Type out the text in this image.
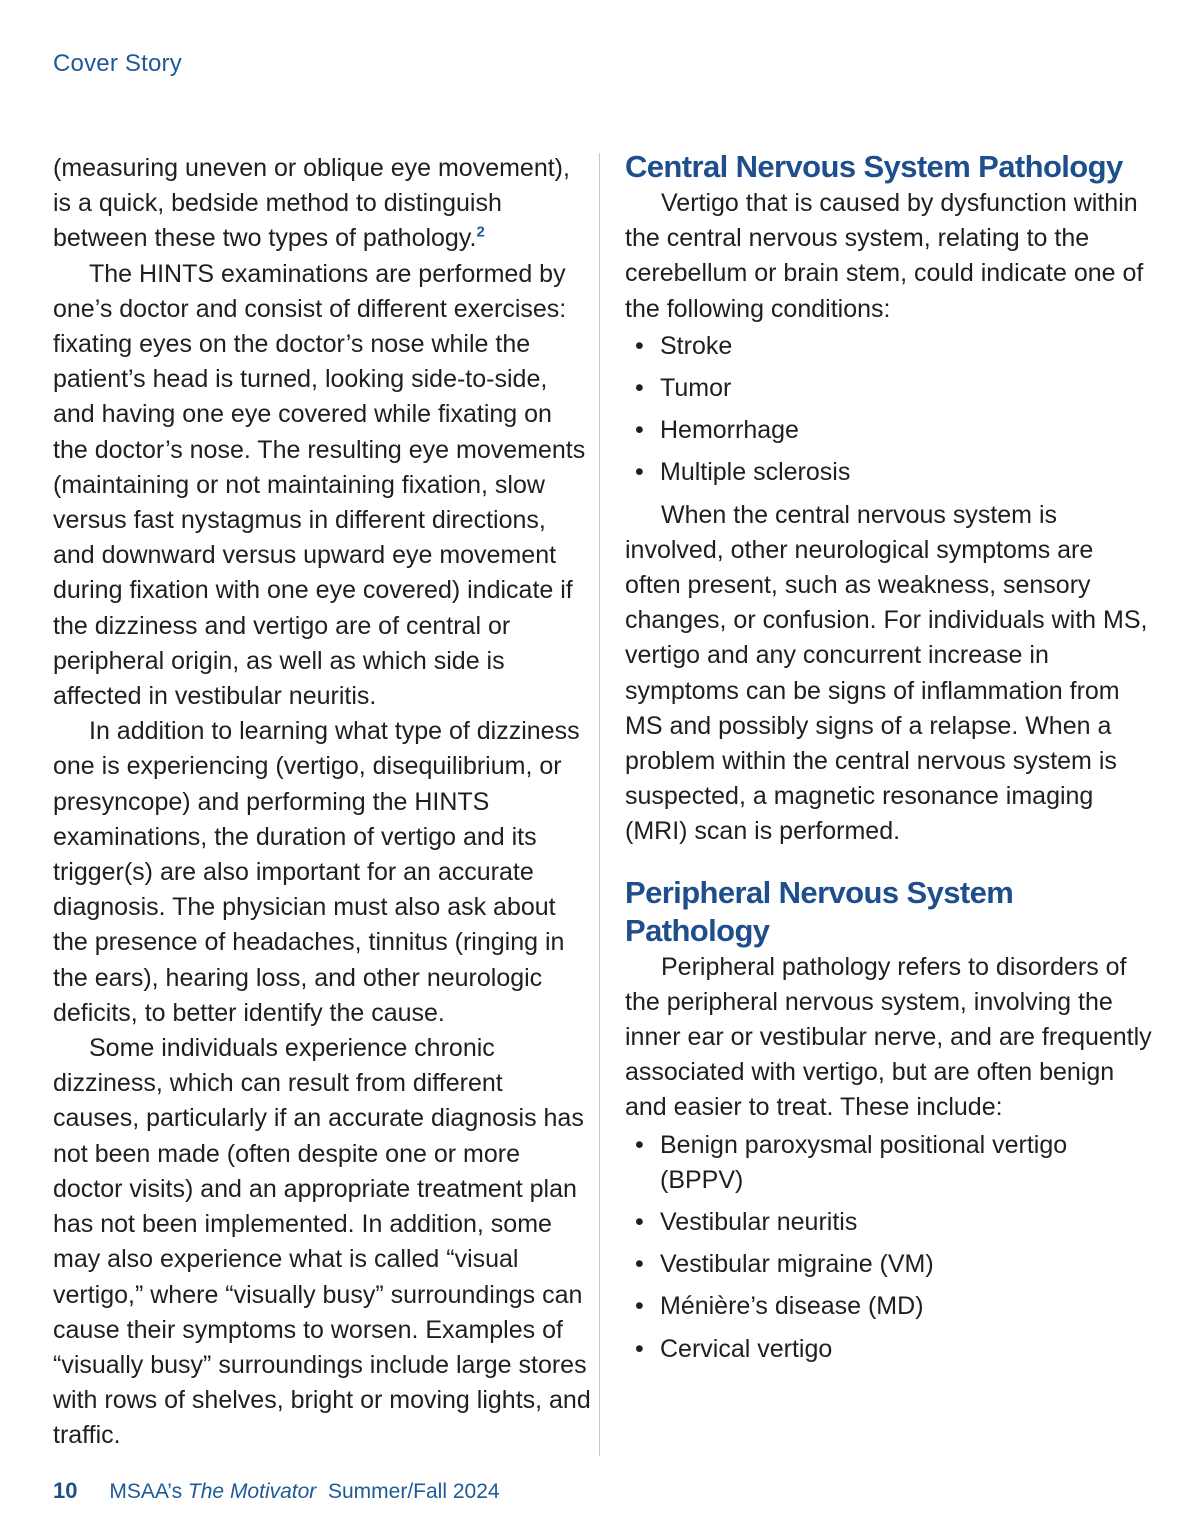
Cover Story

(measuring uneven or oblique eye movement), is a quick, bedside method to distinguish between these two types of pathology.$^2$

The HINTS examinations are performed by one’s doctor and consist of different exercises: fixating eyes on the doctor’s nose while the patient’s head is turned, looking side-to-side, and having one eye covered while fixating on the doctor’s nose. The resulting eye movements (maintaining or not maintaining fixation, slow versus fast nystagmus in different directions, and downward versus upward eye movement during fixation with one eye covered) indicate if the dizziness and vertigo are of central or peripheral origin, as well as which side is affected in vestibular neuritis.

In addition to learning what type of dizziness one is experiencing (vertigo, disequilibrium, or presyncope) and performing the HINTS examinations, the duration of vertigo and its trigger(s) are also important for an accurate diagnosis. The physician must also ask about the presence of headaches, tinnitus (ringing in the ears), hearing loss, and other neurologic deficits, to better identify the cause.

Some individuals experience chronic dizziness, which can result from different causes, particularly if an accurate diagnosis has not been made (often despite one or more doctor visits) and an appropriate treatment plan has not been implemented. In addition, some may also experience what is called “visual vertigo,” where “visually busy” surroundings can cause their symptoms to worsen. Examples of “visually busy” surroundings include large stores with rows of shelves, bright or moving lights, and traffic.

Central Nervous System Pathology

Vertigo that is caused by dysfunction within the central nervous system, relating to the cerebellum or brain stem, could indicate one of the following conditions:

• Stroke
• Tumor
• Hemorrhage
• Multiple sclerosis

When the central nervous system is involved, other neurological symptoms are often present, such as weakness, sensory changes, or confusion. For individuals with MS, vertigo and any concurrent increase in symptoms can be signs of inflammation from MS and possibly signs of a relapse. When a problem within the central nervous system is suspected, a magnetic resonance imaging (MRI) scan is performed.

Peripheral Nervous System Pathology

Peripheral pathology refers to disorders of the peripheral nervous system, involving the inner ear or vestibular nerve, and are frequently associated with vertigo, but are often benign and easier to treat. These include:

• Benign paroxysmal positional vertigo (BPPV)
• Vestibular neuritis
• Vestibular migraine (VM)
• Ménière’s disease (MD)
• Cervical vertigo
10 MSAA’s The Motivator Summer/Fall 2024
